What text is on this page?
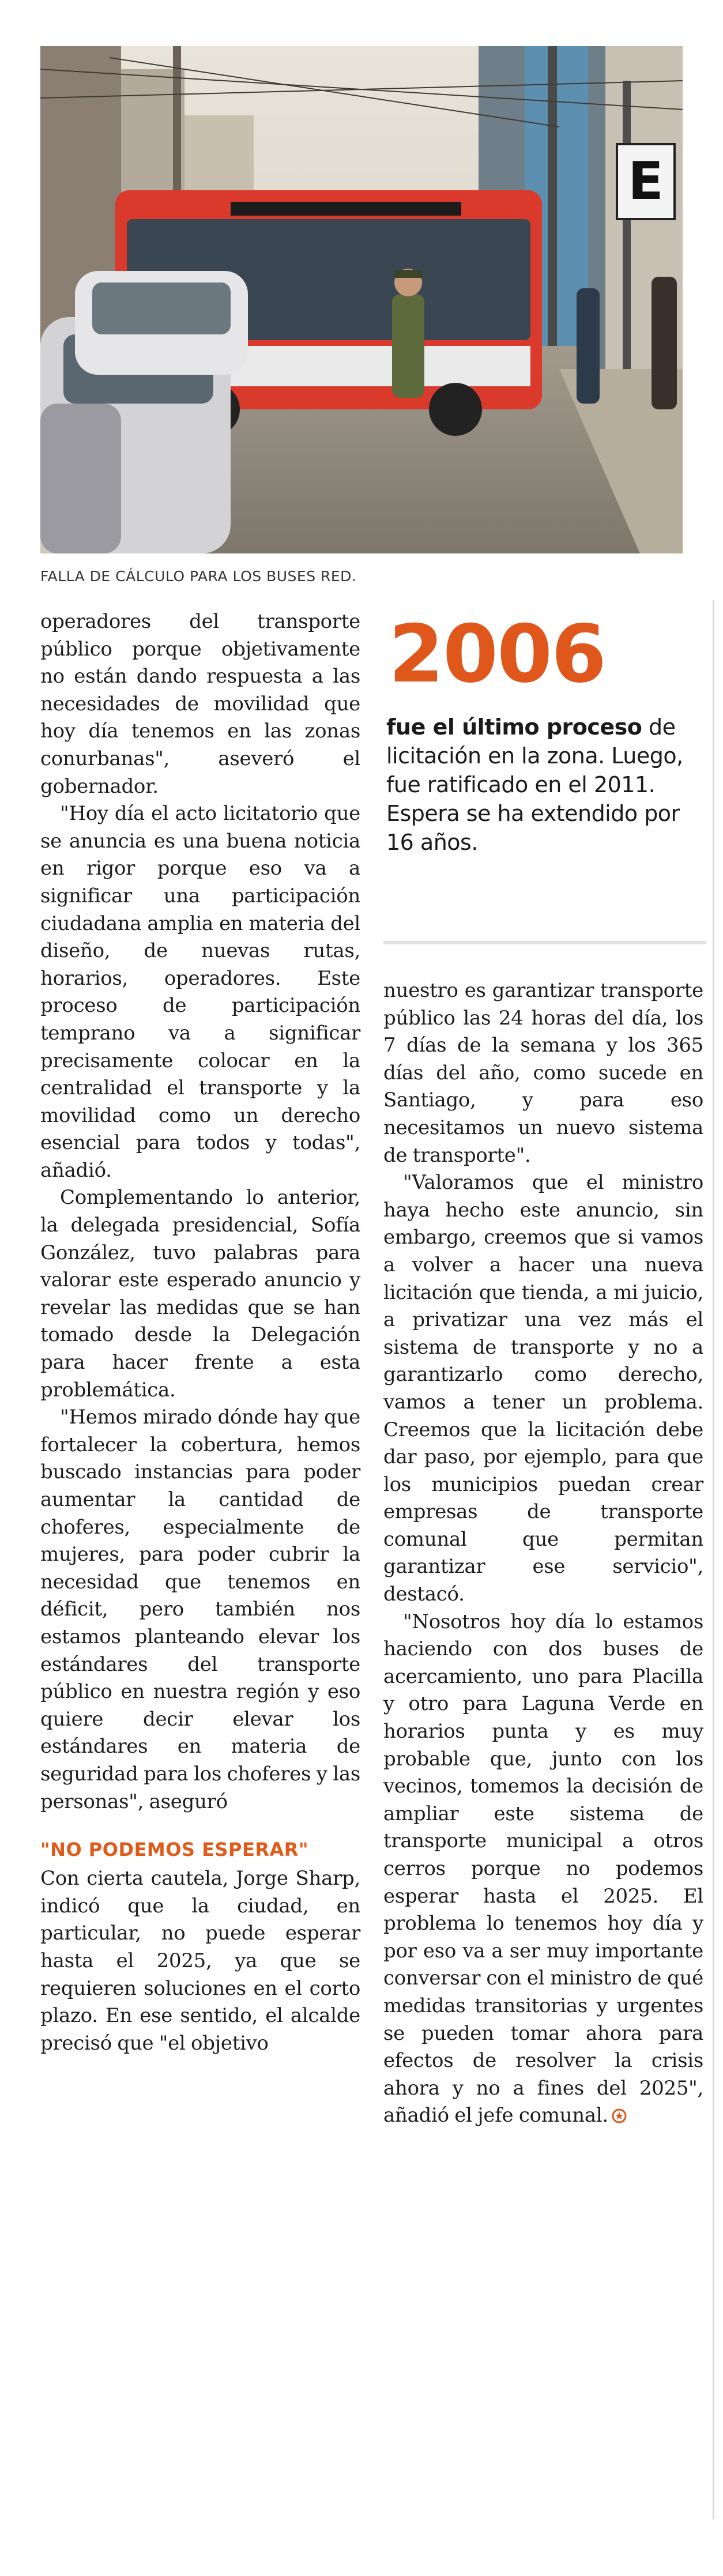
E
FALLA DE CÁLCULO PARA LOS BUSES RED.

operadores del transporte público porque objetivamente no están dando respuesta a las necesidades de movilidad que hoy día tenemos en las zonas conurbanas", aseveró el gobernador.

"Hoy día el acto licitatorio que se anuncia es una buena noticia en rigor porque eso va a significar una participación ciudadana amplia en materia del diseño, de nuevas rutas, horarios, operadores. Este proceso de participación temprano va a significar precisamente colocar en la centralidad el transporte y la movilidad como un derecho esencial para todos y todas", añadió.

Complementando lo anterior, la delegada presidencial, Sofía González, tuvo palabras para valorar este esperado anuncio y revelar las medidas que se han tomado desde la Delegación para hacer frente a esta problemática.

"Hemos mirado dónde hay que fortalecer la cobertura, hemos buscado instancias para poder aumentar la cantidad de choferes, especialmente de mujeres, para poder cubrir la necesidad que tenemos en déficit, pero también nos estamos planteando elevar los estándares del transporte público en nuestra región y eso quiere decir elevar los estándares en materia de seguridad para los choferes y las personas", aseguró

"NO PODEMOS ESPERAR"

Con cierta cautela, Jorge Sharp, indicó que la ciudad, en particular, no puede esperar hasta el 2025, ya que se requieren soluciones en el corto plazo. En ese sentido, el alcalde precisó que "el objetivo

2006
fue el último proceso de licitación en la zona. Luego, fue ratificado en el 2011. Espera se ha extendido por 16 años.

nuestro es garantizar transporte público las 24 horas del día, los 7 días de la semana y los 365 días del año, como sucede en Santiago, y para eso necesitamos un nuevo sistema de transporte".

"Valoramos que el ministro haya hecho este anuncio, sin embargo, creemos que si vamos a volver a hacer una nueva licitación que tienda, a mi juicio, a privatizar una vez más el sistema de transporte y no a garantizarlo como derecho, vamos a tener un problema. Creemos que la licitación debe dar paso, por ejemplo, para que los municipios puedan crear empresas de transporte comunal que permitan garantizar ese servicio", destacó.

"Nosotros hoy día lo estamos haciendo con dos buses de acercamiento, uno para Placilla y otro para Laguna Verde en horarios punta y es muy probable que, junto con los vecinos, tomemos la decisión de ampliar este sistema de transporte municipal a otros cerros porque no podemos esperar hasta el 2025. El problema lo tenemos hoy día y por eso va a ser muy importante conversar con el ministro de qué medidas transitorias y urgentes se pueden tomar ahora para efectos de resolver la crisis ahora y no a fines del 2025", añadió el jefe comunal.
